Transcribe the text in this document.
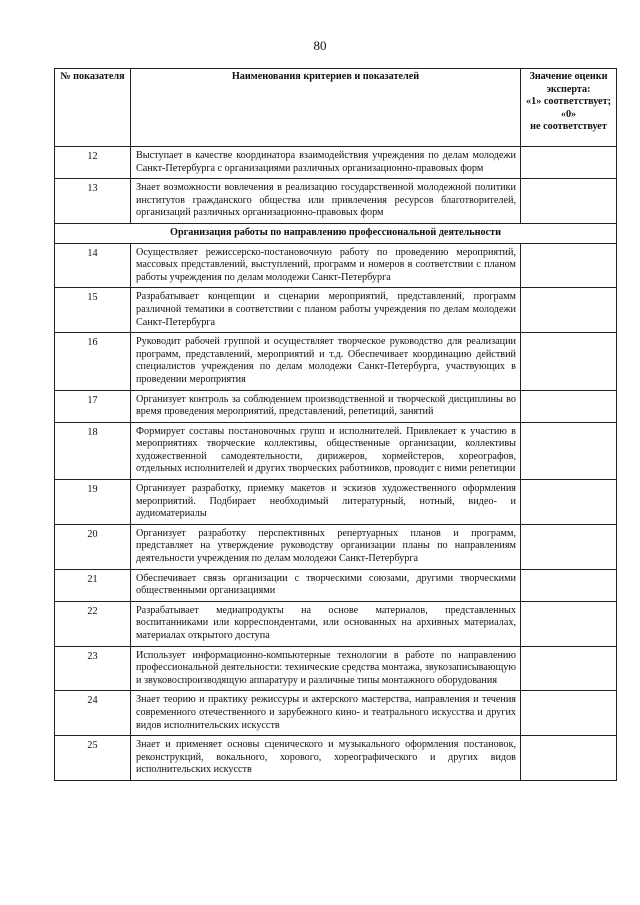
80
№ показателя	Наименования критериев и показателей	Значение оценки эксперта:
«1» соответствует;
«0»
не соответствует

12	Выступает в качестве координатора взаимодействия учреждения по делам молодежи Санкт-Петербурга с организациями различных организационно-правовых форм	
13	Знает возможности вовлечения в реализацию государственной молодежной политики институтов гражданского общества или привлечения ресурсов благотворителей, организаций различных организационно-правовых форм	
Организация работы по направлению профессиональной деятельности		
14	Осуществляет режиссерско-постановочную работу по проведению мероприятий, массовых представлений, выступлений, программ и номеров в соответствии с планом работы учреждения по делам молодежи Санкт-Петербурга	
15	Разрабатывает концепции и сценарии мероприятий, представлений, программ различной тематики в соответствии с планом работы учреждения по делам молодежи Санкт-Петербурга	
16	Руководит рабочей группой и осуществляет творческое руководство для реализации программ, представлений, мероприятий и т.д. Обеспечивает координацию действий специалистов учреждения по делам молодежи Санкт-Петербурга, участвующих в проведении мероприятия	
17	Организует контроль за соблюдением производственной и творческой дисциплины во время проведения мероприятий, представлений, репетиций, занятий	
18	Формирует составы постановочных групп и исполнителей. Привлекает к участию в мероприятиях творческие коллективы, общественные организации, коллективы художественной самодеятельности, дирижеров, хормейстеров, хореографов, отдельных исполнителей и других творческих работников, проводит с ними репетиции	
19	Организует разработку, приемку макетов и эскизов художественного оформления мероприятий. Подбирает необходимый литературный, нотный, видео- и аудиоматериалы	
20	Организует разработку перспективных репертуарных планов и программ, представляет на утверждение руководству организации планы по направлениям деятельности учреждения по делам молодежи Санкт-Петербурга	
21	Обеспечивает связь организации с творческими союзами, другими творческими общественными организациями	
22	Разрабатывает медиапродукты на основе материалов, представленных воспитанниками или корреспондентами, или основанных на архивных материалах, материалах открытого доступа	
23	Использует информационно-компьютерные технологии в работе по направлению профессиональной деятельности: технические средства монтажа, звукозаписывающую и звуковоспроизводящую аппаратуру и различные типы монтажного оборудования	
24	Знает теорию и практику режиссуры и актерского мастерства, направления и течения современного отечественного и зарубежного кино- и театрального искусства и других видов исполнительских искусств	
25	Знает и применяет основы сценического и музыкального оформления постановок, реконструкций, вокального, хорового, хореографического и других видов исполнительских искусств	
